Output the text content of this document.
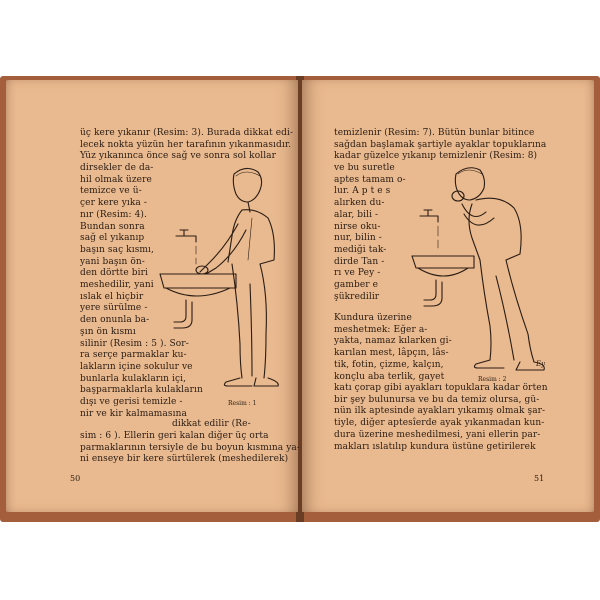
üç kere yıkanır (Resim: 3). Burada dikkat edi-
lecek nokta yüzün her tarafının yıkanmasıdır.
Yüz yıkanınca önce sağ ve sonra sol kollar
dirsekler de da-
hil olmak üzere
temizce ve ü-
çer kere yıka -
nır (Resim: 4).
Bundan sonra
sağ el yıkanıp
başın saç kısmı,
yani başın ön-
den dörtte biri
meshedilir, yani
ıslak el hiçbir
yere sürülme -
den onunla ba-
şın ön kısmı
silinir (Resim : 5 ). Sor-
ra serçe parmaklar ku-
lakların içine sokulur ve
bunlarla kulakların içi,
başparmaklarla kulakların
dışı ve gerisi temizle -
nir ve kir kalmamasına
dikkat edilir (Re-
sim : 6 ). Ellerin geri kalan diğer üç orta
parmaklarının tersiyle de bu boyun kısmına ya-
ni enseye bir kere sürtülerek (meshedilerek)
Resim : 1
50
temizlenir (Resim: 7). Bütün bunlar bitince
sağdan başlamak şartiyle ayaklar topuklarına
kadar güzelce yıkanıp temizlenir (Resim: 8)
ve bu suretle
aptes tamam o-
lur. A p t e s
alırken du-
alar, bili -
nirse oku-
nur, bilin -
mediği tak-
dirde Tan -
rı ve Pey -
gamber e
şükredilir
Kundura üzerine
meshetmek: Eğer a-
yakta, namaz kılarken gi-
karılan mest, lâpçın, lâs-
tik, fotin, çizme, kalçın,
konçlu aba terlik, gayet
katı çorap gibi ayakları topuklara kadar örten
bir şey bulunursa ve bu da temiz olursa, gü-
nün ilk aptesinde ayakları yıkamış olmak şar-
tiyle, diğer aptesîerde ayak yıkanmadan kun-
dura üzerine meshedilmesi, yani ellerin par-
makları ıslatılıp kundura üstüne getirilerek
Resim : 2
Ey
51
